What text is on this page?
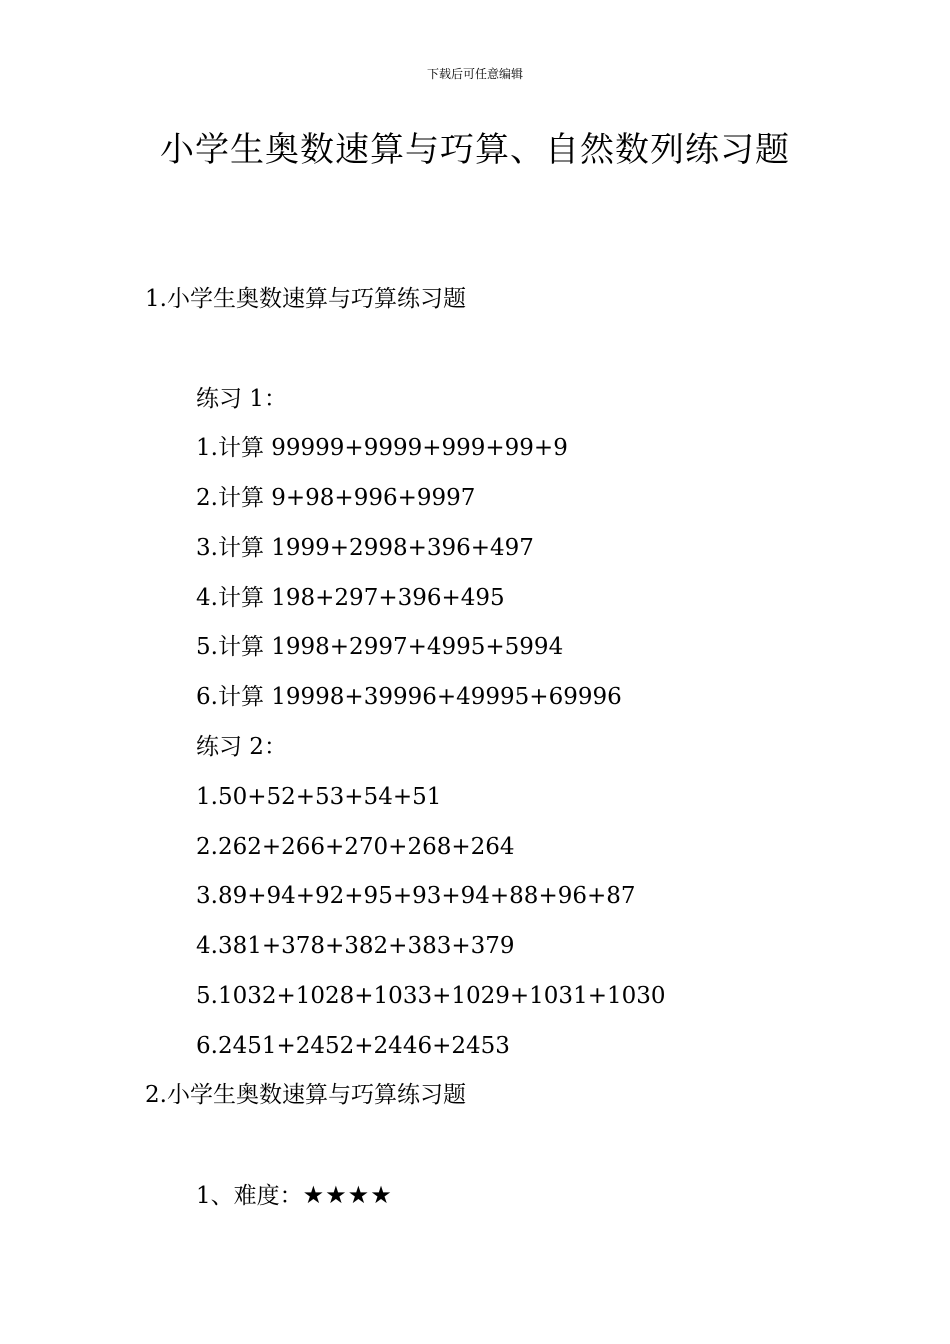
下载后可任意编辑
小学生奥数速算与巧算、自然数列练习题
1.小学生奥数速算与巧算练习题
练习 1：
1.计算 99999+9999+999+99+9
2.计算 9+98+996+9997
3.计算 1999+2998+396+497
4.计算 198+297+396+495
5.计算 1998+2997+4995+5994
6.计算 19998+39996+49995+69996
练习 2：
1.50+52+53+54+51
2.262+266+270+268+264
3.89+94+92+95+93+94+88+96+87
4.381+378+382+383+379
5.1032+1028+1033+1029+1031+1030
6.2451+2452+2446+2453
2.小学生奥数速算与巧算练习题
1、难度：★★★★
